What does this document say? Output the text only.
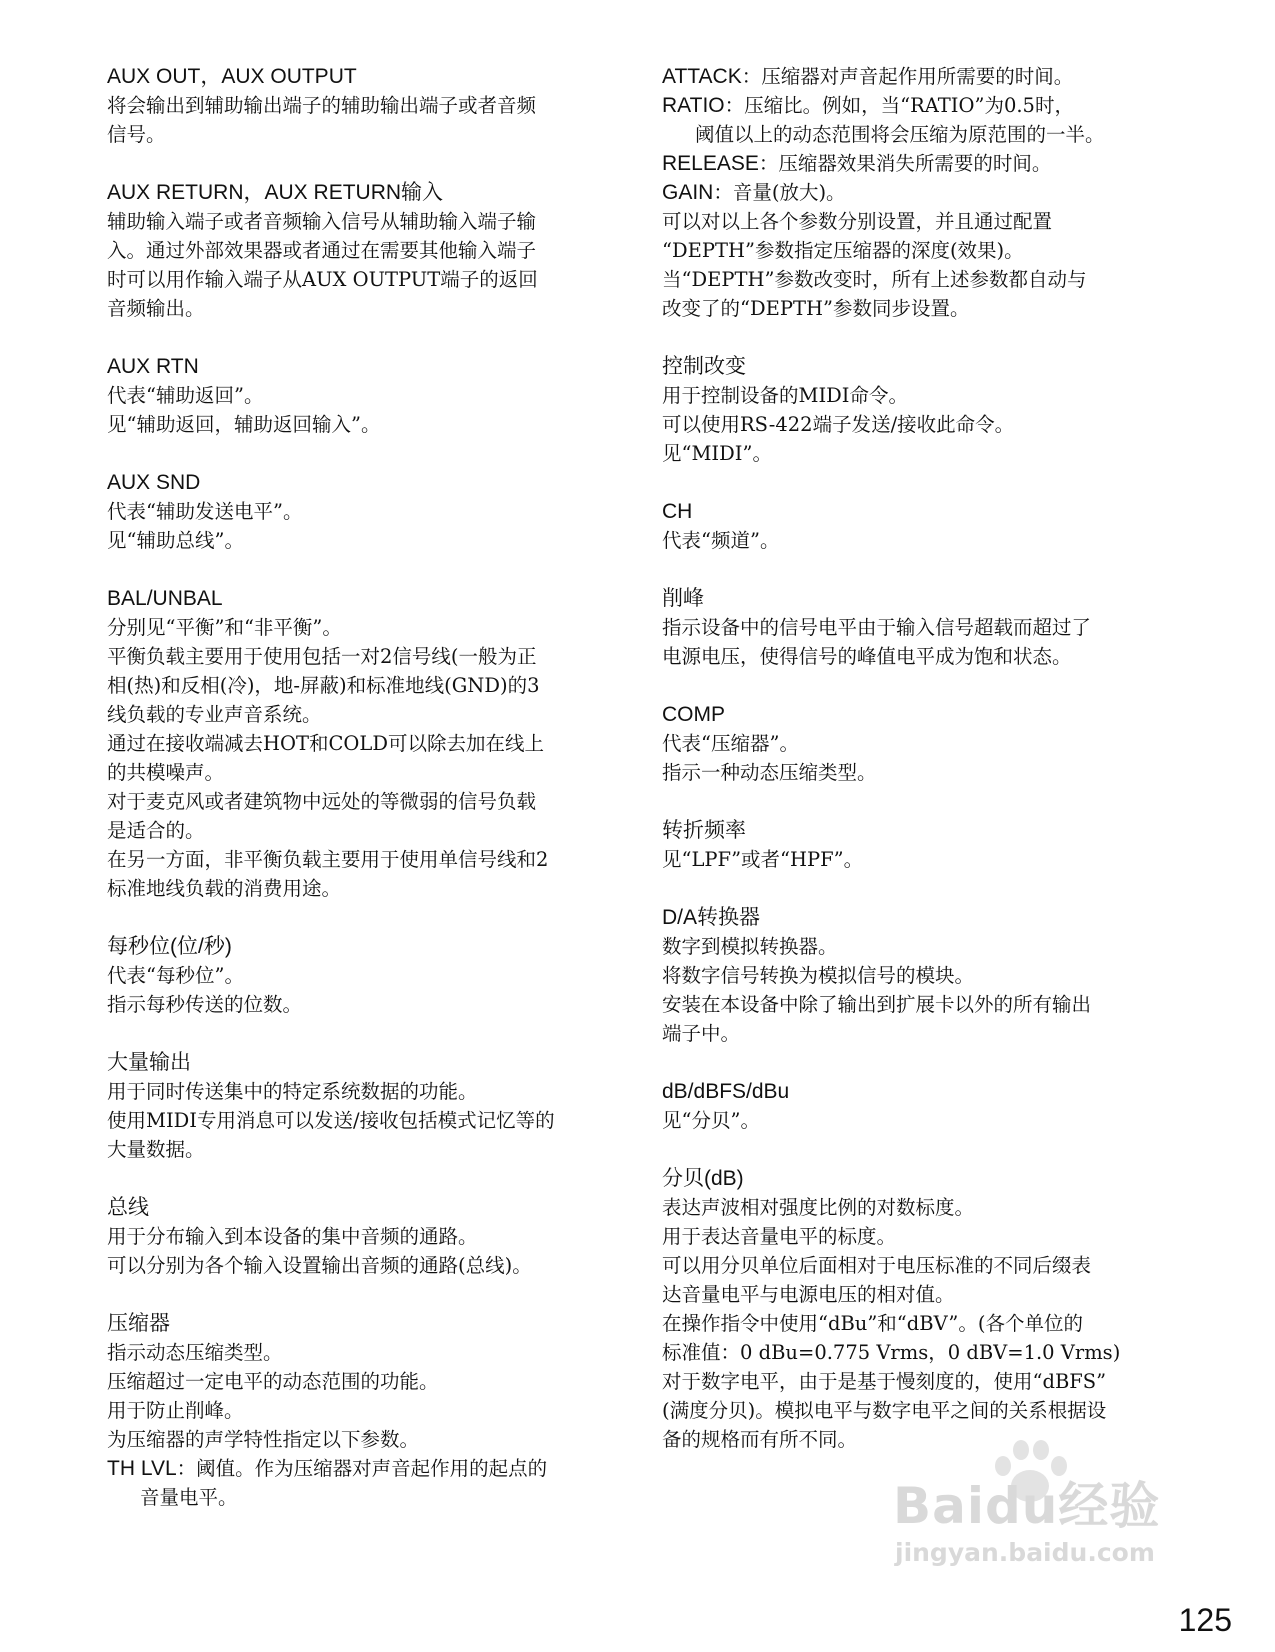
AUX OUT，AUX OUTPUT
将会输出到辅助输出端子的辅助输出端子或者音频
信号。
AUX RETURN，AUX RETURN输入
辅助输入端子或者音频输入信号从辅助输入端子输
入。通过外部效果器或者通过在需要其他输入端子
时可以用作输入端子从AUX OUTPUT端子的返回
音频输出。
AUX RTN
代表“辅助返回”。
见“辅助返回，辅助返回输入”。
AUX SND
代表“辅助发送电平”。
见“辅助总线”。
BAL/UNBAL
分别见“平衡”和“非平衡”。
平衡负载主要用于使用包括一对2信号线(一般为正
相(热)和反相(冷)，地-屏蔽)和标准地线(GND)的3
线负载的专业声音系统。
通过在接收端减去HOT和COLD可以除去加在线上
的共模噪声。
对于麦克风或者建筑物中远处的等微弱的信号负载
是适合的。
在另一方面，非平衡负载主要用于使用单信号线和2
标准地线负载的消费用途。
每秒位(位/秒)
代表“每秒位”。
指示每秒传送的位数。
大量输出
用于同时传送集中的特定系统数据的功能。
使用MIDI专用消息可以发送/接收包括模式记忆等的
大量数据。
总线
用于分布输入到本设备的集中音频的通路。
可以分别为各个输入设置输出音频的通路(总线)。
压缩器
指示动态压缩类型。
压缩超过一定电平的动态范围的功能。
用于防止削峰。
为压缩器的声学特性指定以下参数。
TH LVL：阈值。作为压缩器对声音起作用的起点的
音量电平。
ATTACK：压缩器对声音起作用所需要的时间。
RATIO：压缩比。例如，当“RATIO”为0.5时，
阈值以上的动态范围将会压缩为原范围的一半。
RELEASE：压缩器效果消失所需要的时间。
GAIN：音量(放大)。
可以对以上各个参数分别设置，并且通过配置
“DEPTH”参数指定压缩器的深度(效果)。
当“DEPTH”参数改变时，所有上述参数都自动与
改变了的“DEPTH”参数同步设置。
控制改变
用于控制设备的MIDI命令。
可以使用RS-422端子发送/接收此命令。
见“MIDI”。
CH
代表“频道”。
削峰
指示设备中的信号电平由于输入信号超载而超过了
电源电压，使得信号的峰值电平成为饱和状态。
COMP
代表“压缩器”。
指示一种动态压缩类型。
转折频率
见“LPF”或者“HPF”。
D/A转换器
数字到模拟转换器。
将数字信号转换为模拟信号的模块。
安装在本设备中除了输出到扩展卡以外的所有输出
端子中。
dB/dBFS/dBu
见“分贝”。
分贝(dB)
表达声波相对强度比例的对数标度。
用于表达音量电平的标度。
可以用分贝单位后面相对于电压标准的不同后缀表
达音量电平与电源电压的相对值。
在操作指令中使用“dBu”和“dBV”。(各个单位的
标准值：0 dBu=0.775 Vrms，0 dBV=1.0 Vrms)
对于数字电平，由于是基于慢刻度的，使用“dBFS”
(满度分贝)。模拟电平与数字电平之间的关系根据设
备的规格而有所不同。
Baidu经验
jingyan.baidu.com
125
